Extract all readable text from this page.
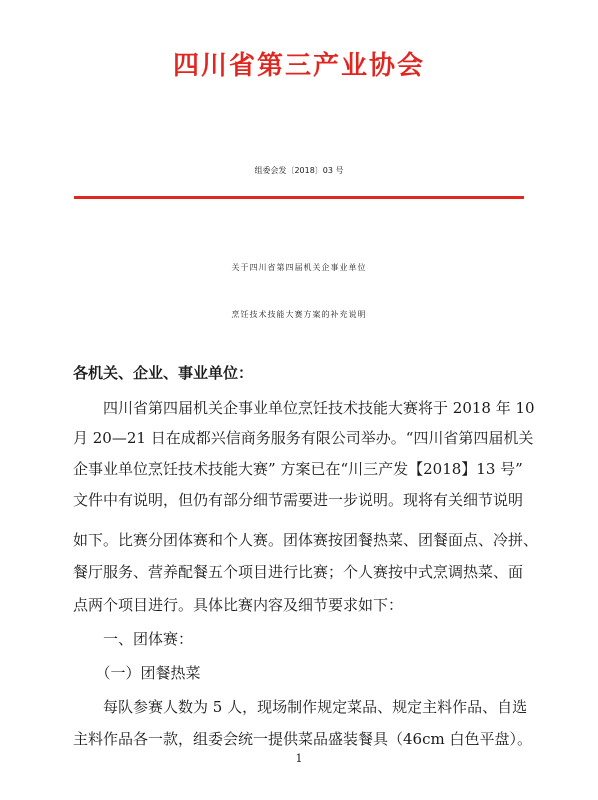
四川省第三产业协会
组委会发〔2018〕03 号
关于四川省第四届机关企事业单位
烹饪技术技能大赛方案的补充说明
各机关、企业、事业单位：
　　四川省第四届机关企事业单位烹饪技术技能大赛将于 2018 年 10
月 20—21 日在成都兴信商务服务有限公司举办。“四川省第四届机关
企事业单位烹饪技术技能大赛” 方案已在“川三产发【2018】13 号”
文件中有说明，但仍有部分细节需要进一步说明。现将有关细节说明
如下。比赛分团体赛和个人赛。团体赛按团餐热菜、团餐面点、冷拼、
餐厅服务、营养配餐五个项目进行比赛；个人赛按中式烹调热菜、面
点两个项目进行。具体比赛内容及细节要求如下：
　　一、团体赛：
　　（一）团餐热菜
　　每队参赛人数为 5 人，现场制作规定菜品、规定主料作品、自选
主料作品各一款，组委会统一提供菜品盛装餐具（46cm 白色平盘）。
1
